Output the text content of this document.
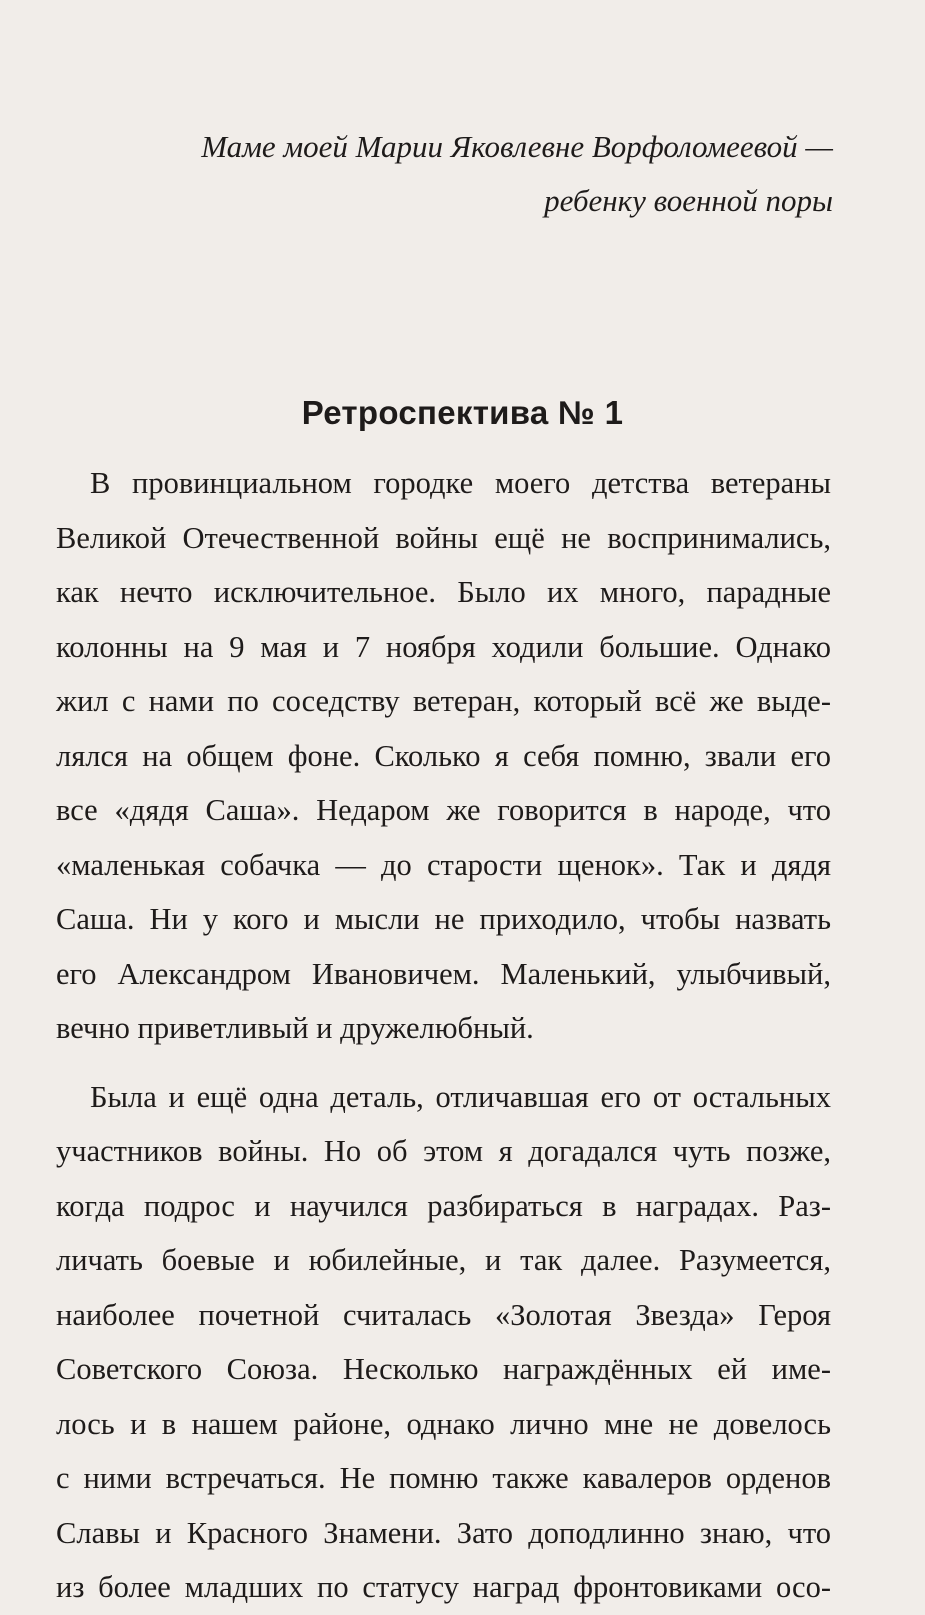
Маме моей Марии Яковлевне Ворфоломеевой —
ребенку военной поры
Ретроспектива № 1
В провинциальном городке моего детства ветераны
Великой Отечественной войны ещё не воспринимались,
как нечто исключительное. Было их много, парадные
колонны на 9 мая и 7 ноября ходили большие. Однако
жил с нами по соседству ветеран, который всё же выде-
лялся на общем фоне. Сколько я себя помню, звали его
все «дядя Саша». Недаром же говорится в народе, что
«маленькая собачка — до старости щенок». Так и дядя
Саша. Ни у кого и мысли не приходило, чтобы назвать
его Александром Ивановичем. Маленький, улыбчивый,
вечно приветливый и дружелюбный.
Была и ещё одна деталь, отличавшая его от остальных
участников войны. Но об этом я догадался чуть позже,
когда подрос и научился разбираться в наградах. Раз-
личать боевые и юбилейные, и так далее. Разумеется,
наиболее почетной считалась «Золотая Звезда» Героя
Советского Союза. Несколько награждённых ей име-
лось и в нашем районе, однако лично мне не довелось
с ними встречаться. Не помню также кавалеров орденов
Славы и Красного Знамени. Зато доподлинно знаю, что
из более младших по статусу наград фронтовиками осо-
